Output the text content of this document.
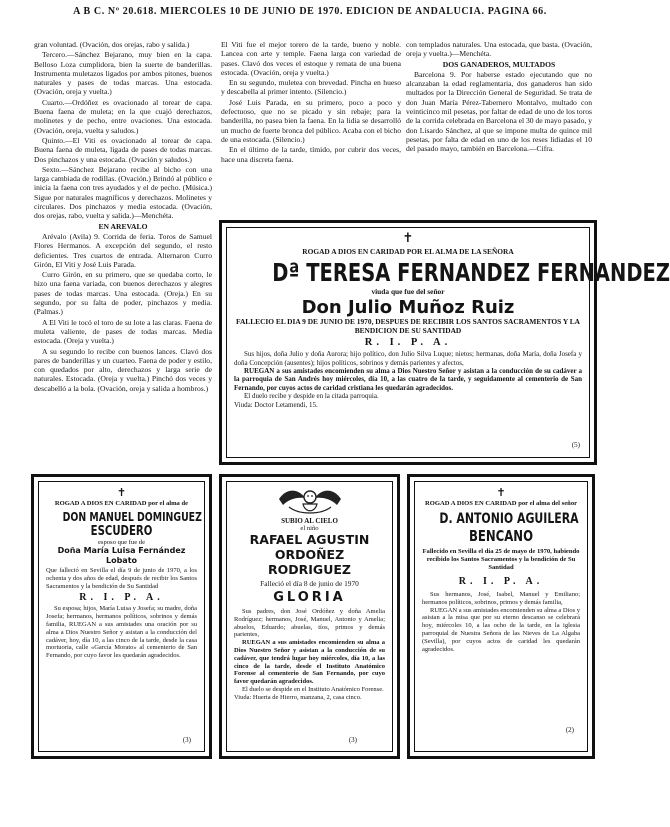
A B C. Nº 20.618. MIERCOLES 10 DE JUNIO DE 1970. EDICION DE ANDALUCIA. PAGINA 66.

gran voluntad. (Ovación, dos orejas, rabo y salida.)

Tercero.—Sánchez Bejarano, muy bien en la capa. Belloso Loza cumplidora, bien la suerte de banderillas. Instrumenta muletazos ligados por ambos pitones, buenos naturales y pases de todas marcas. Una estocada. (Ovación, oreja y vuelta.)

Cuarto.—Ordóñez es ovacionado al torear de capa. Buena faena de muleta; en la que cuajó derechazos, molinetes y de pecho, entre ovaciones. Una estocada. (Ovación, oreja, vuelta y saludos.)

Quinto.—El Viti es ovacionado al torear de capa. Buena faena de muleta, ligada de pases de todas marcas. Dos pinchazos y una estocada. (Ovación y saludos.)

Sexto.—Sánchez Bejarano recibe al bicho con una larga cambiada de rodillas. (Ovación.) Brindó al público e inicia la faena con tres ayudados y el de pecho. (Música.) Sigue por naturales magníficos y derechazos. Molinetes y circulares. Dos pinchazos y media estocada. (Ovación, dos orejas, rabo, vuelta y salida.)—Menchéta.

EN AREVALO

Arévalo (Avila) 9. Corrida de feria. Toros de Samuel Flores Hermanos. A excepción del segundo, el resto deficientes. Tres cuartos de entrada. Alternaron Curro Girón, El Viti y José Luis Parada.

Curro Girón, en su primero, que se quedaba corto, le hizo una faena variada, con buenos derechazos y alegres pases de todas marcas. Una estocada. (Oreja.) En su segundo, por su falta de poder, pinchazos y media. (Palmas.)

A El Viti le tocó el toro de su lote a las claras. Faena de muleta valiente, de pases de todas marcas. Media estocada. (Oreja y vuelta.)

A su segundo lo recibe con buenos lances. Clavó dos pares de banderillas y un cuarteo. Faena de poder y estilo, con quedados por alto, derechazos y larga serie de naturales. Estocada. (Oreja y vuelta.) Pinchó dos veces y descabelló a la bola. (Ovación, oreja y salida a hombros.)

El Viti fue el mejor torero de la tarde, bueno y noble. Lancea con arte y temple. Faena larga con variedad de pases. Clavó dos veces el estoque y remata de una buena estocada. (Ovación, oreja y vuelta.)

En su segundo, muletea con brevedad. Pincha en hueso y descabella al primer intento. (Silencio.)

José Luis Parada, en su primero, poco a poco y defectuoso, que no se picado y sin rebaje; para la banderilla, no pasea bien la faena. En la lidia se desarrolló un mucho de fuerte bronca del público. Acaba con el bicho de una estocada. (Silencio.)

En el último de la tarde, tímido, por cubrir dos veces, hace una discreta faena.

con templados naturales. Una estocada, que basta. (Ovación, oreja y vuelta.)—Menchéta.

DOS GANADEROS, MULTADOS

Barcelona 9. Por haberse estado ejecutando que no alcanzaban la edad reglamentaria, dos ganaderos han sido multados por la Dirección General de Seguridad. Se trata de don Juan María Pérez-Tabernero Montalvo, multado con veinticinco mil pesetas, por faltar de edad de uno de los toros de la corrida celebrada en Barcelona el 30 de mayo pasado, y don Lisardo Sánchez, al que se impone multa de quince mil pesetas, por falta de edad en uno de los reses lidiadas el 10 del pasado mayo, también en Barcelona.—Cifra.

✝
ROGAD A DIOS EN CARIDAD POR EL ALMA DE LA SEÑORA
Dª TERESA FERNANDEZ FERNANDEZ
viuda que fue del señor
Don Julio Muñoz Ruiz
FALLECIO EL DIA 9 DE JUNIO DE 1970, DESPUES DE RECIBIR LOS SANTOS SACRAMENTOS Y LA BENDICION DE SU SANTIDAD
R. I. P. A.
Sus hijos, doña Julio y doña Aurora; hijo político, don Julio Silva Luque; nietos; hermanas, doña María, doña Josefa y doña Concepción (ausentes); hijos políticos, sobrinos y demás parientes y afectos,
RUEGAN a sus amistades encomienden su alma a Dios Nuestro Señor y asistan a la conducción de su cadáver a la parroquia de San Andrés hoy miércoles, día 10, a las cuatro de la tarde, y seguidamente al cementerio de San Fernando, por cuyos actos de caridad cristiana les quedarán agradecidos.
El duelo recibe y despide en la citada parroquia.
Viuda: Doctor Letamendi, 15.
(5)
✝
ROGAD A DIOS EN CARIDAD por el alma de
DON MANUEL DOMINGUEZ
ESCUDERO
esposo que fue de
Doña María Luisa Fernández Lobato
Que falleció en Sevilla el día 9 de junio de 1970, a los ochenta y dos años de edad, después de recibir los Santos Sacramentos y la bendición de Su Santidad
R. I. P. A.
Su esposa; hijos, María Luisa y Josefa; su madre, doña Josefa; hermanos, hermanos políticos, sobrinos y demás familia, RUEGAN a sus amistades una oración por su alma a Dios Nuestro Señor y asistan a la conducción del cadáver, hoy, día 10, a las cinco de la tarde, desde la casa mortuoria, calle «García Morato» al cementerio de San Fernando, por cuyo favor les quedarán agradecidos.
(3)
SUBIO AL CIELO
el niño
RAFAEL AGUSTIN ORDOÑEZ RODRIGUEZ
Falleció el día 8 de junio de 1970
GLORIA
Sus padres, don José Ordóñez y doña Amelia Rodríguez; hermanos, José, Manuel, Antonio y Amelia; abuelos, Eduardo; abuelas, tíos, primos y demás parientes,
RUEGAN a sus amistades encomienden su alma a Dios Nuestro Señor y asistan a la conducción de su cadáver, que tendrá lugar hoy miércoles, día 10, a las cinco de la tarde, desde el Instituto Anatómico Forense al cementerio de San Fernando, por cuyo favor quedarán agradecidos.
El duelo se despide en el Instituto Anatómico Forense.
Viuda: Huerta de Hierro, manzana, 2, casa cinco.
(3)
✝
ROGAD A DIOS EN CARIDAD por el alma del señor
D. ANTONIO AGUILERA
BENCANO
Fallecido en Sevilla el día 25 de mayo de 1970, habiendo recibido los Santos Sacramentos y la bendición de Su Santidad
R. I. P. A.
Sus hermanos, José, Isabel, Manuel y Emiliano; hermanos políticos, sobrinos, primos y demás familia,
RUEGAN a sus amistades encomienden su alma a Dios y asistan a la misa que por su eterno descanso se celebrará hoy, miércoles 10, a las ocho de la tarde, en la iglesia parroquial de Nuestra Señora de las Nieves de La Algaba (Sevilla), por cuyos actos de caridad les quedarán agradecidos.
(2)
